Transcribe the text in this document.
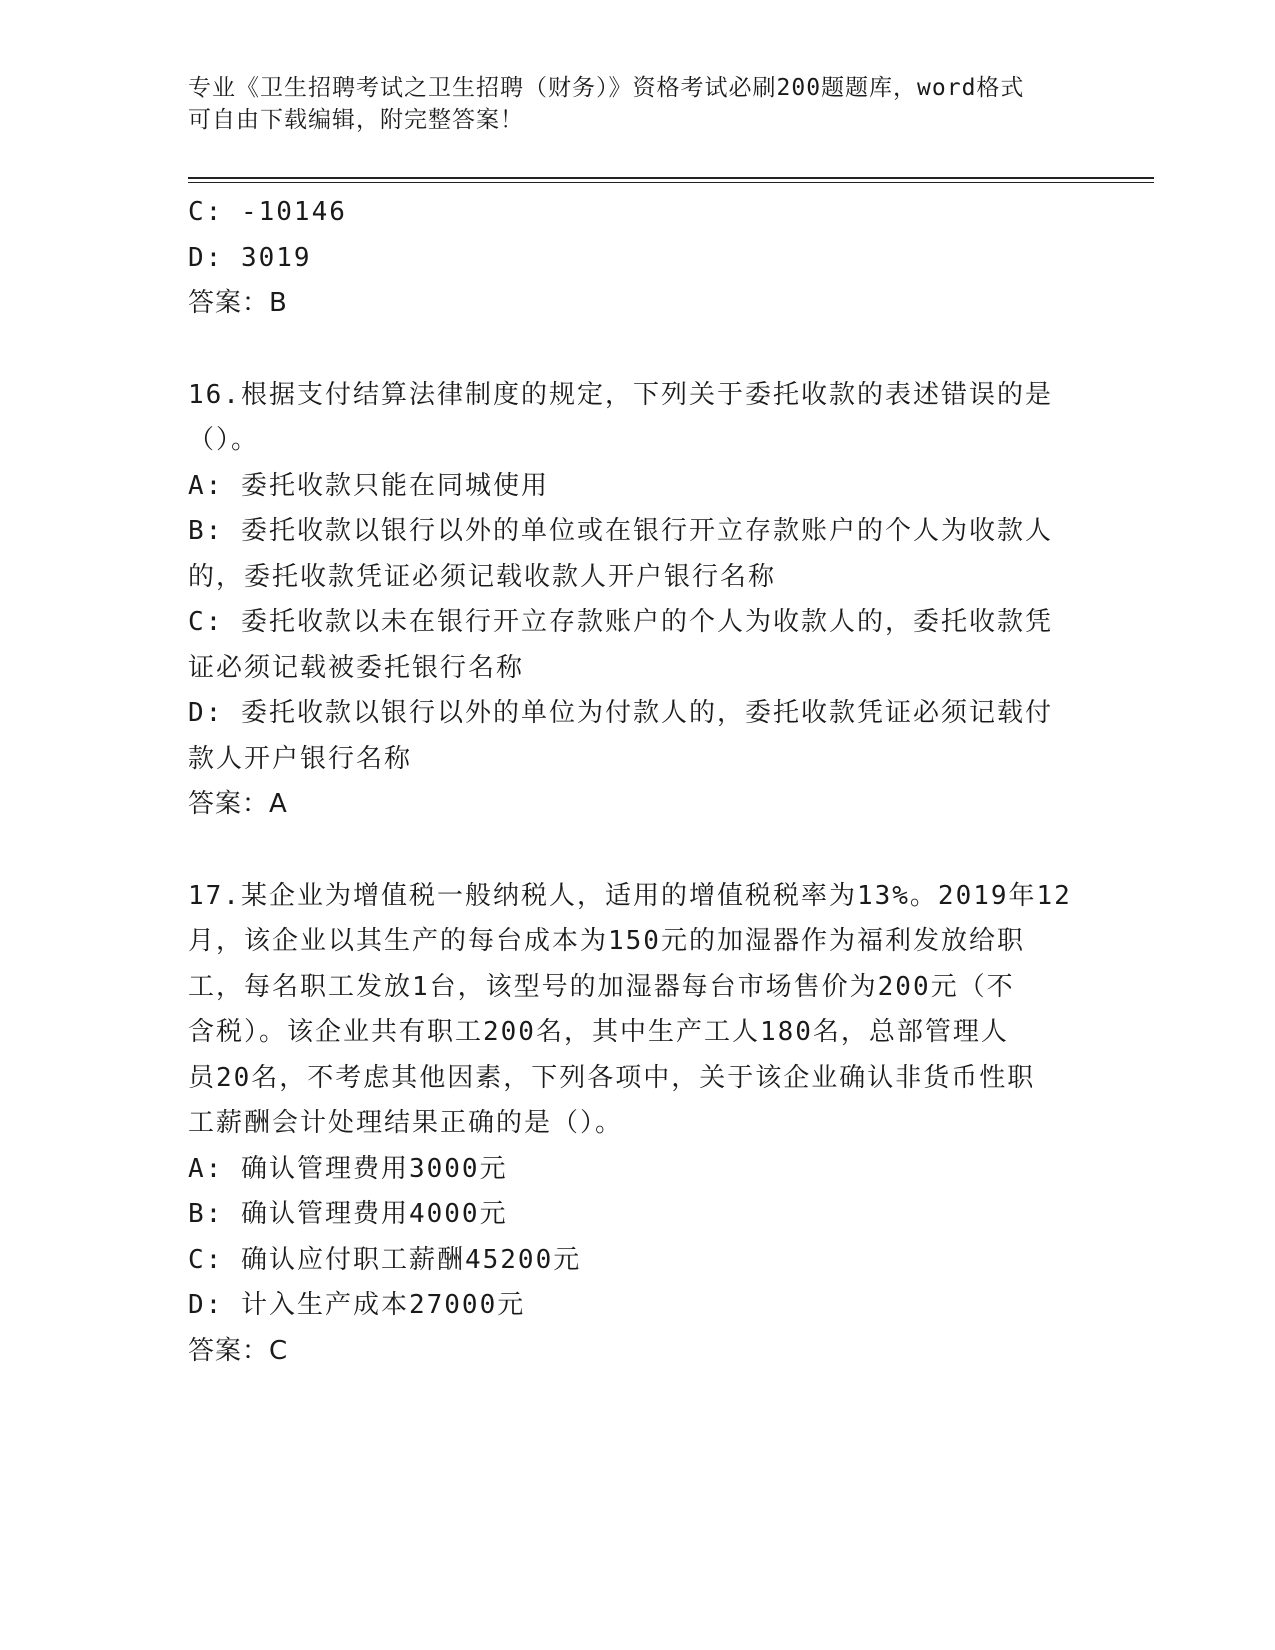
专业《卫生招聘考试之卫生招聘（财务）》资格考试必刷200题题库，word格式
可自由下载编辑，附完整答案！
C: -10146
D: 3019
答案：B
16.根据支付结算法律制度的规定，下列关于委托收款的表述错误的是
（）。
A: 委托收款只能在同城使用
B: 委托收款以银行以外的单位或在银行开立存款账户的个人为收款人
的，委托收款凭证必须记载收款人开户银行名称
C: 委托收款以未在银行开立存款账户的个人为收款人的，委托收款凭
证必须记载被委托银行名称
D: 委托收款以银行以外的单位为付款人的，委托收款凭证必须记载付
款人开户银行名称
答案：A
17.某企业为增值税一般纳税人，适用的增值税税率为13%。2019年12
月，该企业以其生产的每台成本为150元的加湿器作为福利发放给职
工，每名职工发放1台，该型号的加湿器每台市场售价为200元（不
含税）。该企业共有职工200名，其中生产工人180名，总部管理人
员20名，不考虑其他因素，下列各项中，关于该企业确认非货币性职
工薪酬会计处理结果正确的是（）。
A: 确认管理费用3000元
B: 确认管理费用4000元
C: 确认应付职工薪酬45200元
D: 计入生产成本27000元
答案：C
